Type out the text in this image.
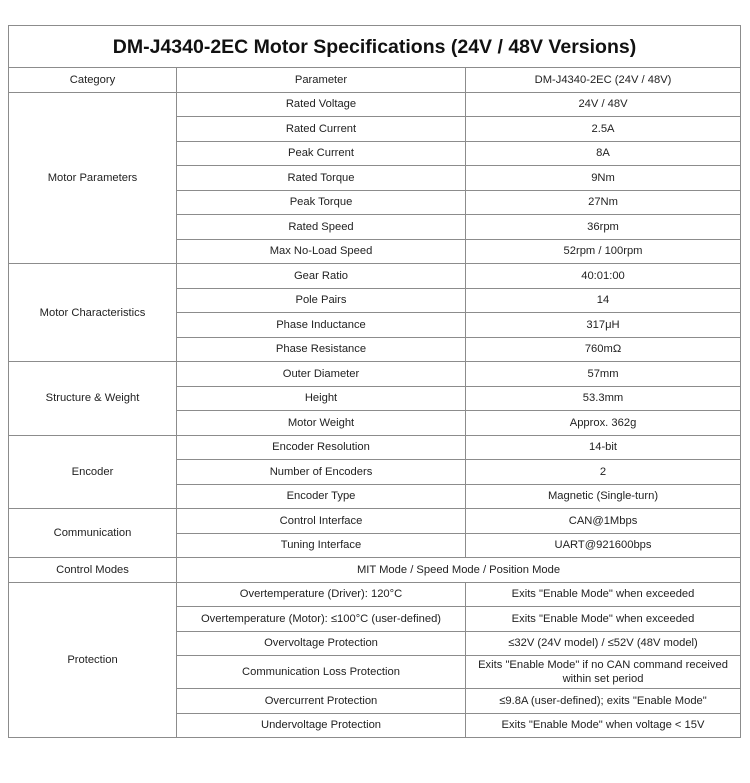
DM-J4340-2EC Motor Specifications (24V / 48V Versions)		
Category	Parameter	DM-J4340-2EC (24V / 48V)
Motor Parameters	Rated Voltage	24V / 48V
	Rated Current	2.5A
	Peak Current	8A
	Rated Torque	9Nm
	Peak Torque	27Nm
	Rated Speed	36rpm
	Max No-Load Speed	52rpm / 100rpm
Motor Characteristics	Gear Ratio	40:01:00
	Pole Pairs	14
	Phase Inductance	317μH
	Phase Resistance	760mΩ
Structure & Weight	Outer Diameter	57mm
	Height	53.3mm
	Motor Weight	Approx. 362g
Encoder	Encoder Resolution	14-bit
	Number of Encoders	2
	Encoder Type	Magnetic (Single-turn)
Communication	Control Interface	CAN@1Mbps
	Tuning Interface	UART@921600bps
Control Modes	MIT Mode / Speed Mode / Position Mode	
Protection	Overtemperature (Driver): 120°C	Exits "Enable Mode" when exceeded
	Overtemperature (Motor): ≤100°C (user-defined)	Exits "Enable Mode" when exceeded
	Overvoltage Protection	≤32V (24V model) / ≤52V (48V model)
	Communication Loss Protection	Exits "Enable Mode" if no CAN command received within set period
	Overcurrent Protection	≤9.8A (user-defined); exits "Enable Mode"
	Undervoltage Protection	Exits "Enable Mode" when voltage < 15V
